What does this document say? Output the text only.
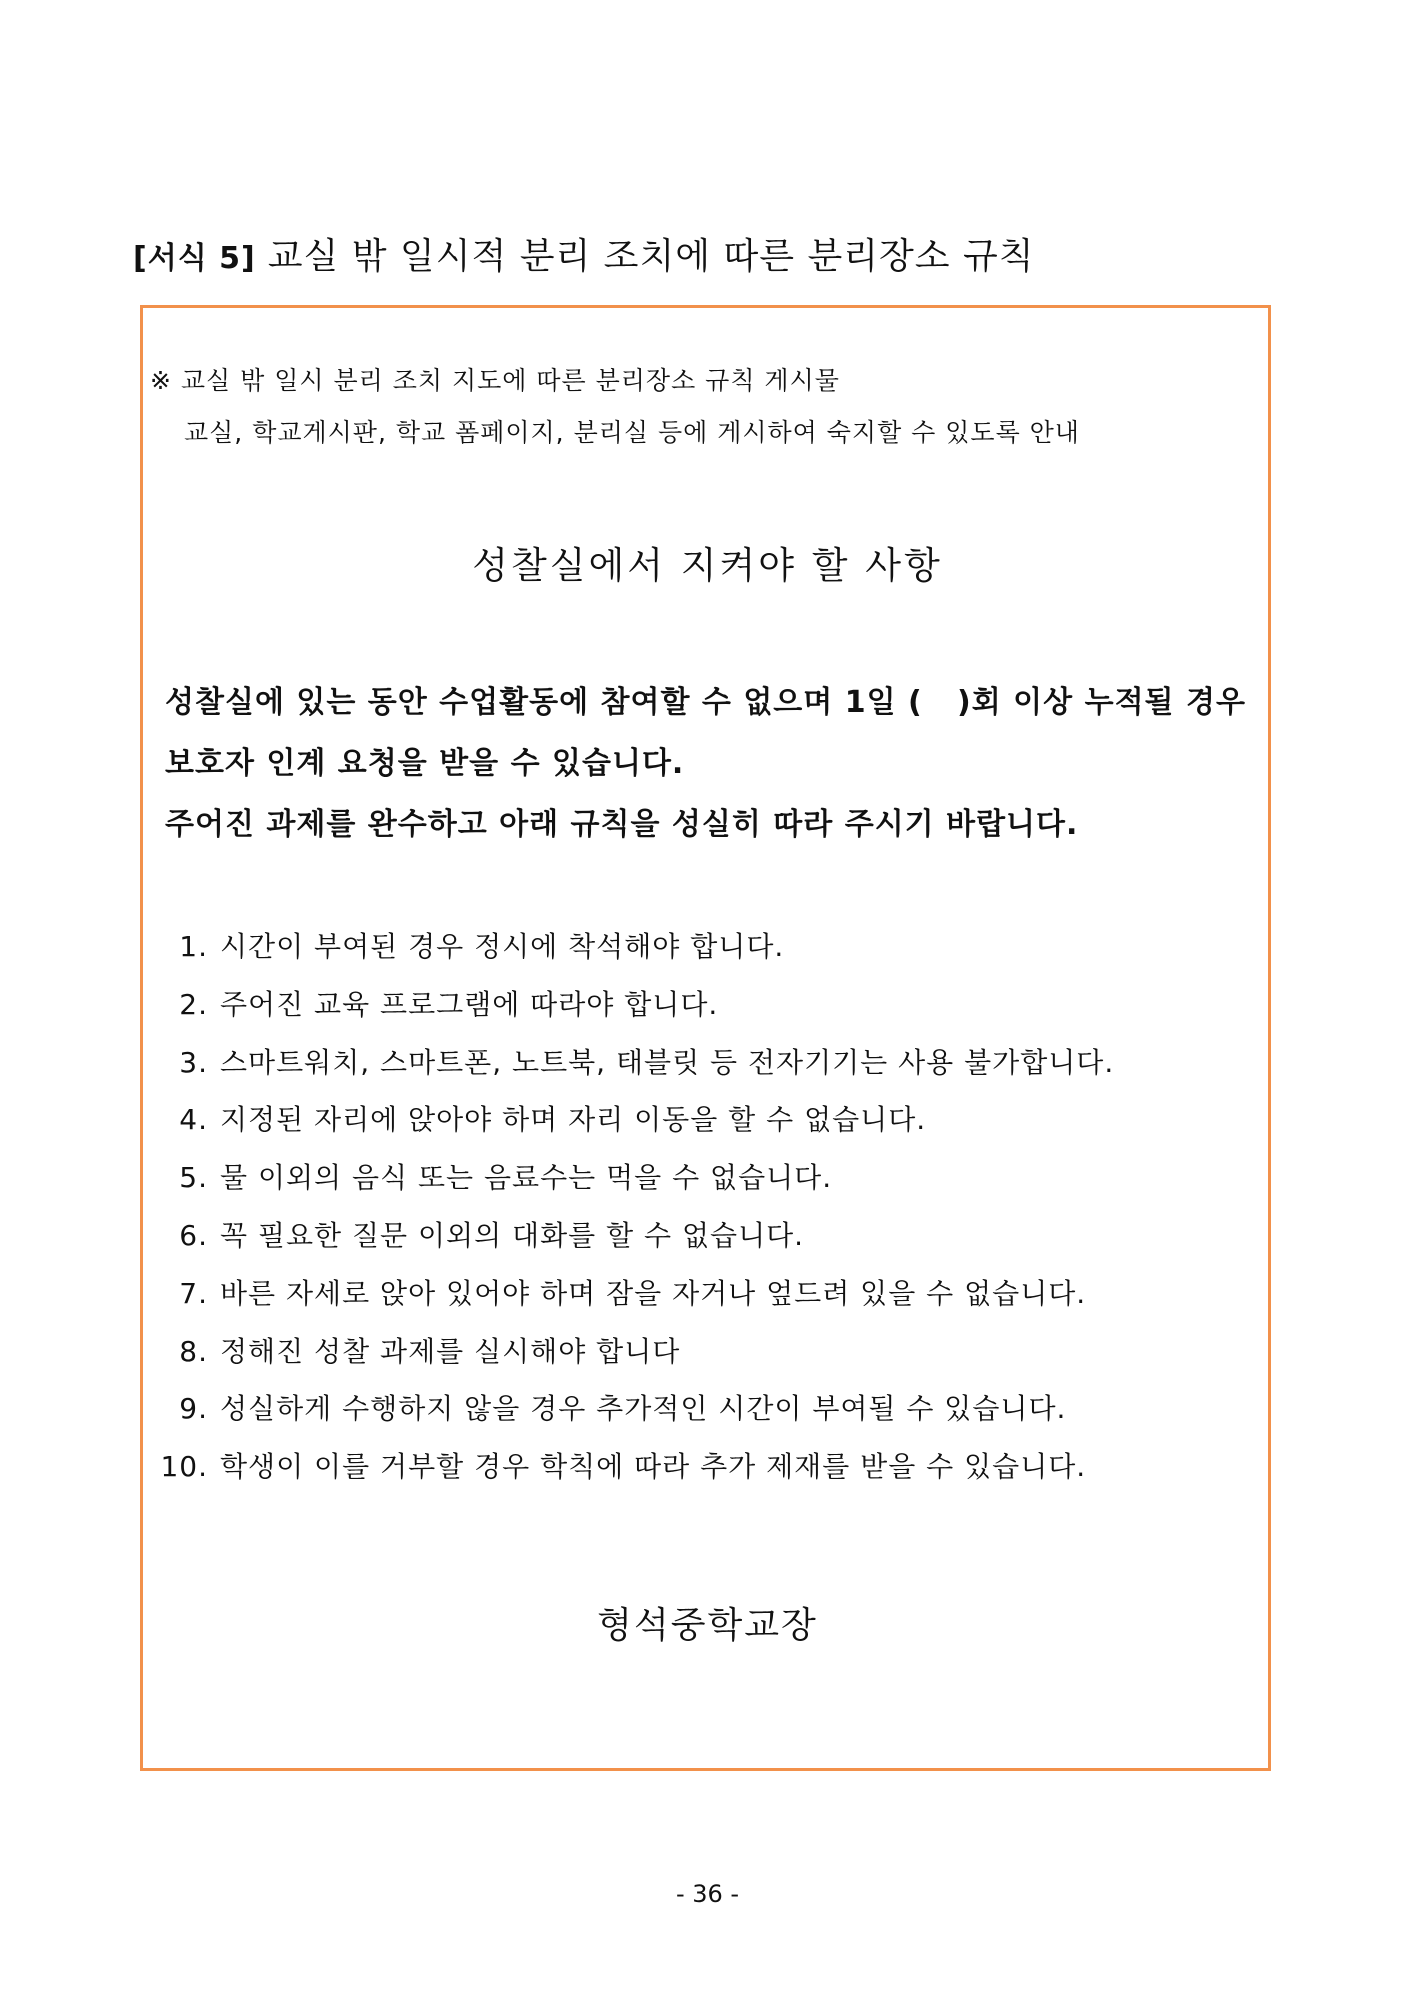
[서식 5] 교실 밖 일시적 분리 조치에 따른 분리장소 규칙
※ 교실 밖 일시 분리 조치 지도에 따른 분리장소 규칙 게시물
교실, 학교게시판, 학교 폼페이지, 분리실 등에 게시하여 숙지할 수 있도록 안내
성찰실에서 지켜야 할 사항
성찰실에 있는 동안 수업활동에 참여할 수 없으며 1일 (   )회 이상 누적될 경우
보호자 인계 요청을 받을 수 있습니다.
주어진 과제를 완수하고 아래 규칙을 성실히 따라 주시기 바랍니다.
1. 시간이 부여된 경우 정시에 착석해야 합니다.
2. 주어진 교육 프로그램에 따라야 합니다.
3. 스마트워치, 스마트폰, 노트북, 태블릿 등 전자기기는 사용 불가합니다.
4. 지정된 자리에 앉아야 하며 자리 이동을 할 수 없습니다.
5. 물 이외의 음식 또는 음료수는 먹을 수 없습니다.
6. 꼭 필요한 질문 이외의 대화를 할 수 없습니다.
7. 바른 자세로 앉아 있어야 하며 잠을 자거나 엎드려 있을 수 없습니다.
8. 정해진 성찰 과제를 실시해야 합니다
9. 성실하게 수행하지 않을 경우 추가적인 시간이 부여될 수 있습니다.
10. 학생이 이를 거부할 경우 학칙에 따라 추가 제재를 받을 수 있습니다.
형석중학교장
- 36 -
